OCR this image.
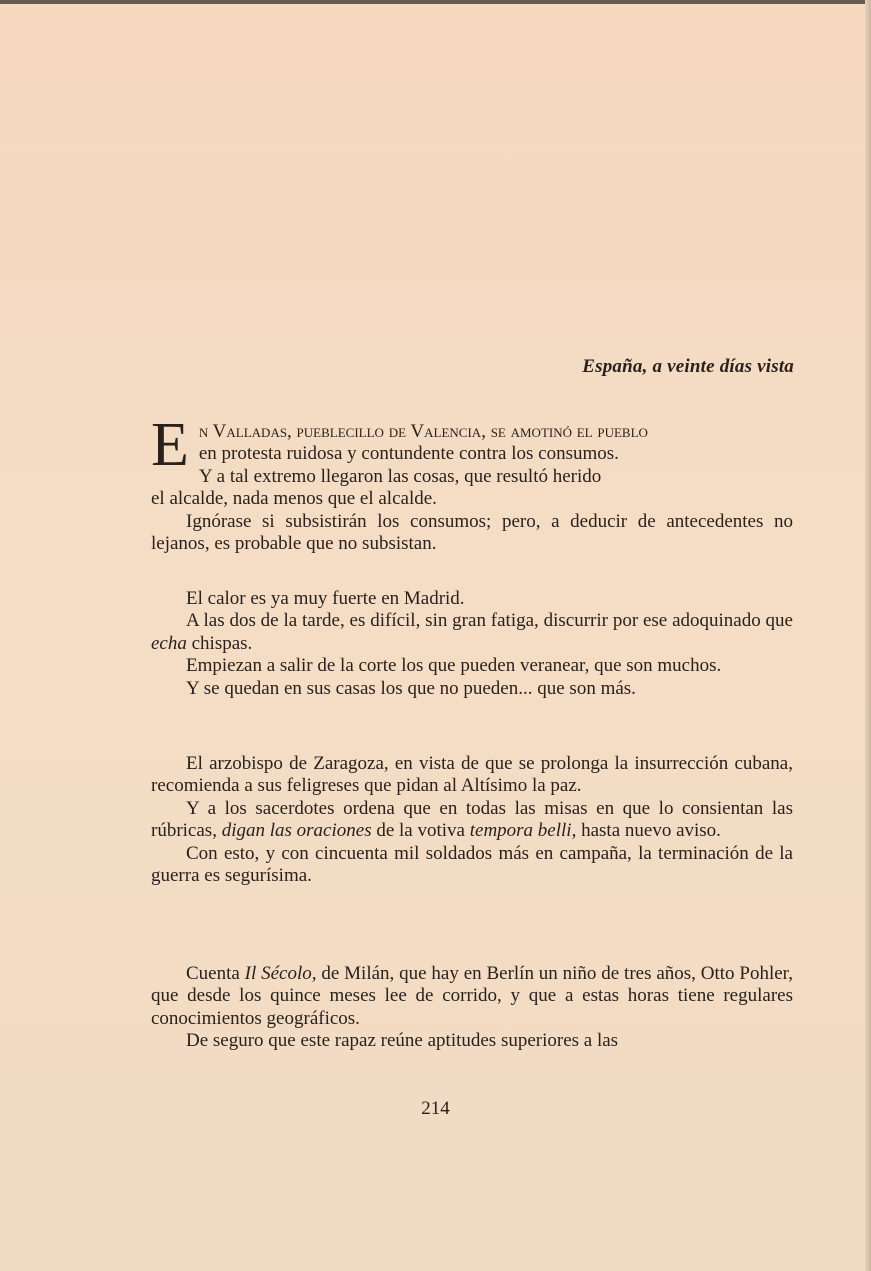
España, a veinte días vista

E n Valladas, pueblecillo de Valencia, se amotinó el pueblo
en protesta ruidosa y contundente contra los consumos.
Y a tal extremo llegaron las cosas, que resultó herido
el alcalde, nada menos que el alcalde.

Ignórase si subsistirán los consumos; pero, a deducir de antecedentes no lejanos, es probable que no subsistan.

El calor es ya muy fuerte en Madrid.

A las dos de la tarde, es difícil, sin gran fatiga, discurrir por ese adoquinado que echa chispas.

Empiezan a salir de la corte los que pueden veranear, que son muchos.

Y se quedan en sus casas los que no pueden... que son más.

El arzobispo de Zaragoza, en vista de que se prolonga la insurrección cubana, recomienda a sus feligreses que pidan al Altísimo la paz.

Y a los sacerdotes ordena que en todas las misas en que lo consientan las rúbricas, digan las oraciones de la votiva tempora belli, hasta nuevo aviso.

Con esto, y con cincuenta mil soldados más en campaña, la terminación de la guerra es segurísima.

Cuenta Il Sécolo, de Milán, que hay en Berlín un niño de tres años, Otto Pohler, que desde los quince meses lee de corrido, y que a estas horas tiene regulares conocimientos geográficos.

De seguro que este rapaz reúne aptitudes superiores a las

214
